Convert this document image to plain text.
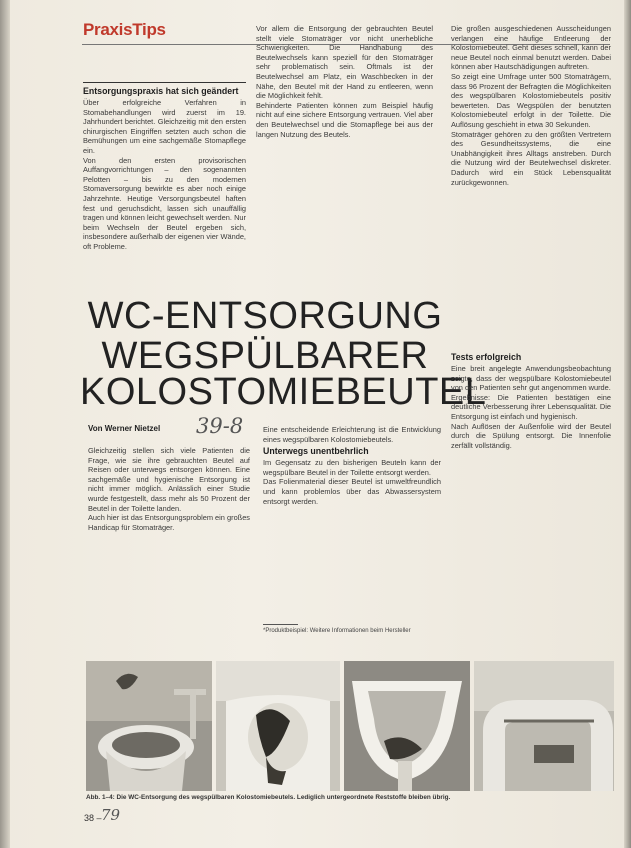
PraxisTips
Entsorgungspraxis hat sich geändert

Über erfolgreiche Verfahren in Stomabehandlungen wird zuerst im 19. Jahrhundert berichtet. Gleichzeitig mit den ersten chirurgischen Eingriffen setzten auch schon die Bemühungen um eine sachgemäße Stomapflege ein.

Von den ersten provisorischen Auffangvorrichtungen – den sogenannten Pelotten – bis zu den modernen Stomaversorgung bewirkte es aber noch einige Jahrzehnte. Heutige Versorgungsbeutel haften fest und geruchsdicht, lassen sich unauffällig tragen und können leicht gewechselt werden. Nur beim Wechseln der Beutel ergeben sich, insbesondere außerhalb der eigenen vier Wände, oft Probleme.

Vor allem die Entsorgung der gebrauchten Beutel stellt viele Stomaträger vor nicht unerhebliche Schwierigkeiten. Die Handhabung des Beutelwechsels kann speziell für den Stomaträger sehr problematisch sein. Oftmals ist der Beutelwechsel am Platz, ein Waschbecken in der Nähe, den Beutel mit der Hand zu entleeren, wenn die Möglichkeit fehlt.

Behinderte Patienten können zum Beispiel häufig nicht auf eine sichere Entsorgung vertrauen. Viel aber den Beutelwechsel und die Stomapflege bei aus der langen Nutzung des Beutels.

Die großen ausgeschiedenen Ausscheidungen verlangen eine häufige Entleerung der Kolostomiebeutel. Geht dieses schnell, kann der neue Beutel noch einmal benutzt werden. Dabei können aber Hautschädigungen auftreten.

So zeigt eine Umfrage unter 500 Stomaträgern, dass 96 Prozent der Befragten die Möglichkeiten des wegspülbaren Kolostomiebeutels positiv bewerteten. Das Wegspülen der benutzten Kolostomiebeutel erfolgt in der Toilette. Die Auflösung geschieht in etwa 30 Sekunden.

Stomaträger gehören zu den größten Vertretern des Gesundheitssystems, die eine Unabhängigkeit ihres Alltags anstreben. Durch die Nutzung wird der Beutelwechsel diskreter. Dadurch wird ein Stück Lebensqualität zurückgewonnen.

WC-ENTSORGUNG
WEGSPÜLBARER
KOLOSTOMIEBEUTEL
Von Werner Nietzel 39-8
Tests erfolgreich

Eine breit angelegte Anwendungsbeobachtung zeigte, dass der wegspülbare Kolostomiebeutel von den Patienten sehr gut angenommen wurde.

Ergebnisse: Die Patienten bestätigen eine deutliche Verbesserung ihrer Lebensqualität. Die Entsorgung ist einfach und hygienisch.

Nach Auflösen der Außenfolie wird der Beutel durch die Spülung entsorgt. Die Innenfolie zerfällt vollständig.

Gleichzeitig stellen sich viele Patienten die Frage, wie sie ihre gebrauchten Beutel auf Reisen oder unterwegs entsorgen können. Eine sachgemäße und hygienische Entsorgung ist nicht immer möglich. Anlässlich einer Studie wurde festgestellt, dass mehr als 50 Prozent der Beutel in der Toilette landen.

Auch hier ist das Entsorgungsproblem ein großes Handicap für Stomaträger.

Eine entscheidende Erleichterung ist die Entwicklung eines wegspülbaren Kolostomiebeutels.

Unterwegs unentbehrlich

Im Gegensatz zu den bisherigen Beuteln kann der wegspülbare Beutel in der Toilette entsorgt werden.

Das Folienmaterial dieser Beutel ist umweltfreundlich und kann problemlos über das Abwassersystem entsorgt werden.

*Produktbeispiel: Weitere Informationen beim Hersteller
Abb. 1–4: Die WC-Entsorgung des wegspülbaren Kolostomiebeutels. Lediglich untergeordnete Reststoffe bleiben übrig.
38 – 79
